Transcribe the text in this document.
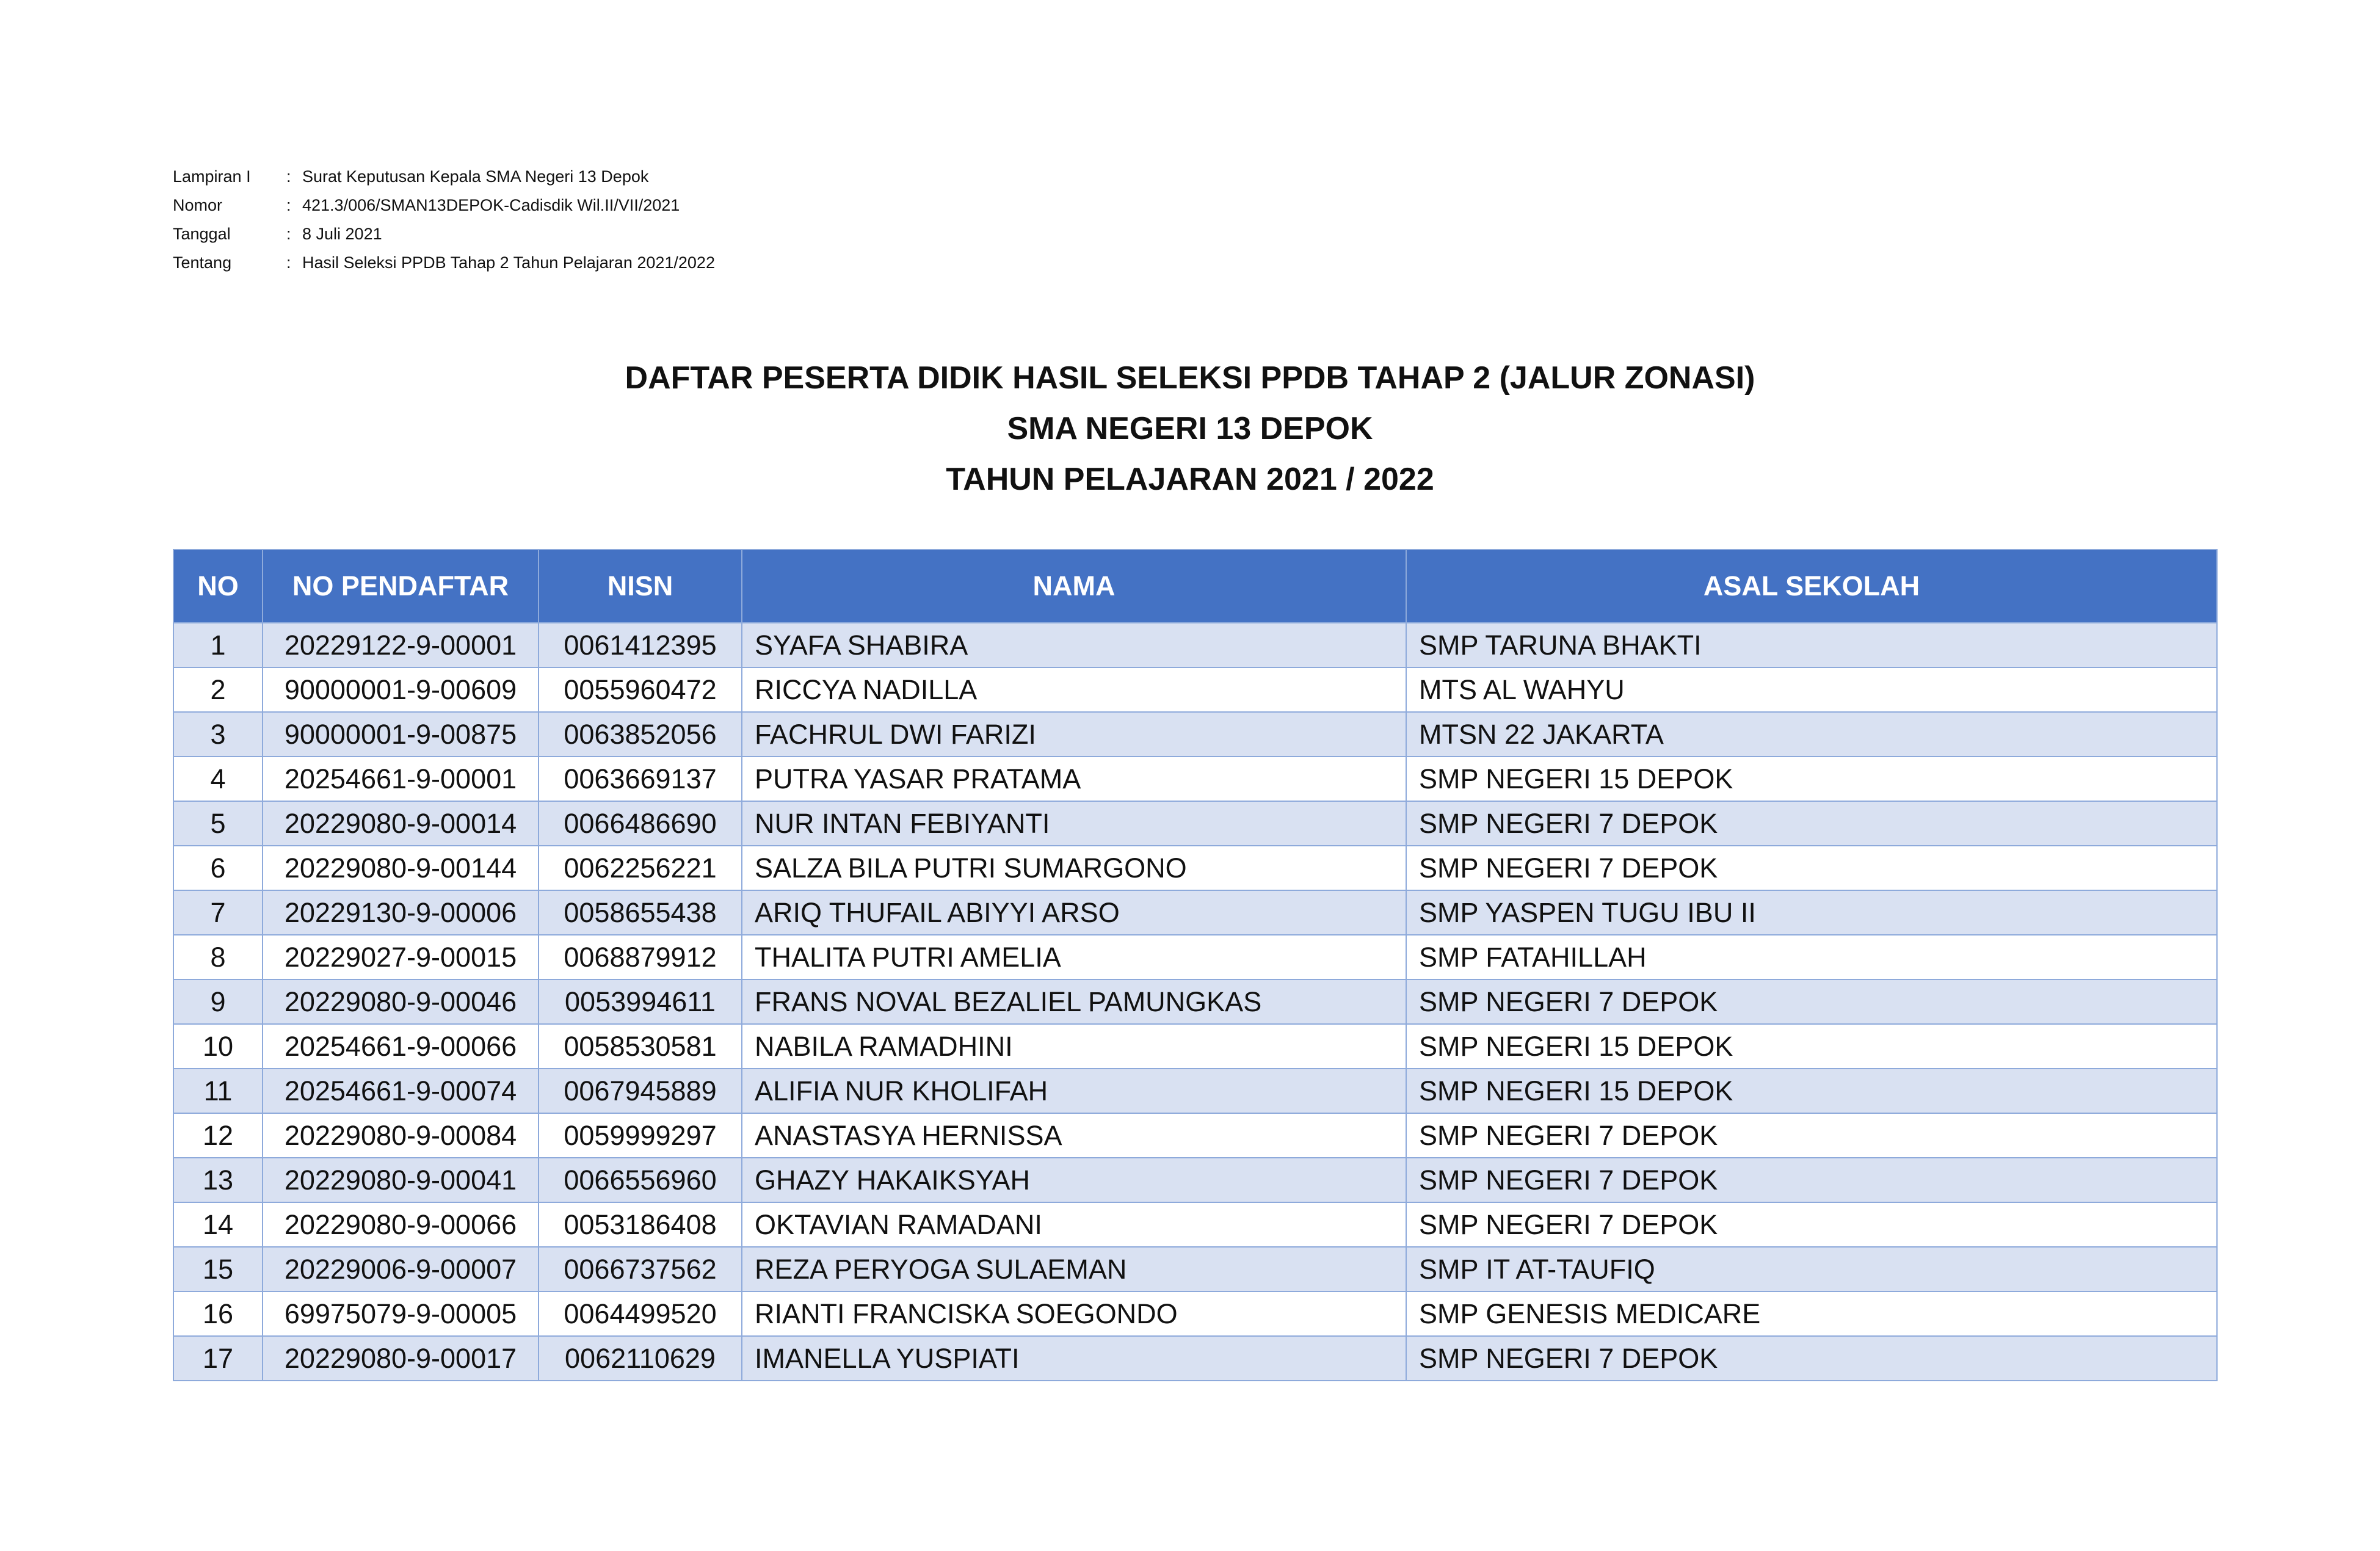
Lampiran I	: Surat Keputusan Kepala SMA Negeri 13 Depok
Nomor	: 421.3/006/SMAN13DEPOK-Cadisdik Wil.II/VII/2021
Tanggal	: 8 Juli 2021
Tentang	: Hasil Seleksi PPDB Tahap 2 Tahun Pelajaran 2021/2022
DAFTAR PESERTA DIDIK HASIL SELEKSI PPDB TAHAP 2 (JALUR ZONASI)
SMA NEGERI 13 DEPOK
TAHUN PELAJARAN 2021 / 2022
NO	NO PENDAFTAR	NISN	NAMA	ASAL SEKOLAH
1	20229122-9-00001	0061412395	SYAFA SHABIRA	SMP TARUNA BHAKTI
2	90000001-9-00609	0055960472	RICCYA NADILLA	MTS AL WAHYU
3	90000001-9-00875	0063852056	FACHRUL DWI FARIZI	MTSN 22 JAKARTA
4	20254661-9-00001	0063669137	PUTRA YASAR PRATAMA	SMP NEGERI 15 DEPOK
5	20229080-9-00014	0066486690	NUR INTAN FEBIYANTI	SMP NEGERI 7 DEPOK
6	20229080-9-00144	0062256221	SALZA BILA PUTRI SUMARGONO	SMP NEGERI 7 DEPOK
7	20229130-9-00006	0058655438	ARIQ THUFAIL ABIYYI ARSO	SMP YASPEN TUGU IBU II
8	20229027-9-00015	0068879912	THALITA PUTRI AMELIA	SMP FATAHILLAH
9	20229080-9-00046	0053994611	FRANS NOVAL BEZALIEL PAMUNGKAS	SMP NEGERI 7 DEPOK
10	20254661-9-00066	0058530581	NABILA RAMADHINI	SMP NEGERI 15 DEPOK
11	20254661-9-00074	0067945889	ALIFIA NUR KHOLIFAH	SMP NEGERI 15 DEPOK
12	20229080-9-00084	0059999297	ANASTASYA HERNISSA	SMP NEGERI 7 DEPOK
13	20229080-9-00041	0066556960	GHAZY HAKAIKSYAH	SMP NEGERI 7 DEPOK
14	20229080-9-00066	0053186408	OKTAVIAN RAMADANI	SMP NEGERI 7 DEPOK
15	20229006-9-00007	0066737562	REZA PERYOGA SULAEMAN	SMP IT AT-TAUFIQ
16	69975079-9-00005	0064499520	RIANTI FRANCISKA SOEGONDO	SMP GENESIS MEDICARE
17	20229080-9-00017	0062110629	IMANELLA YUSPIATI	SMP NEGERI 7 DEPOK
